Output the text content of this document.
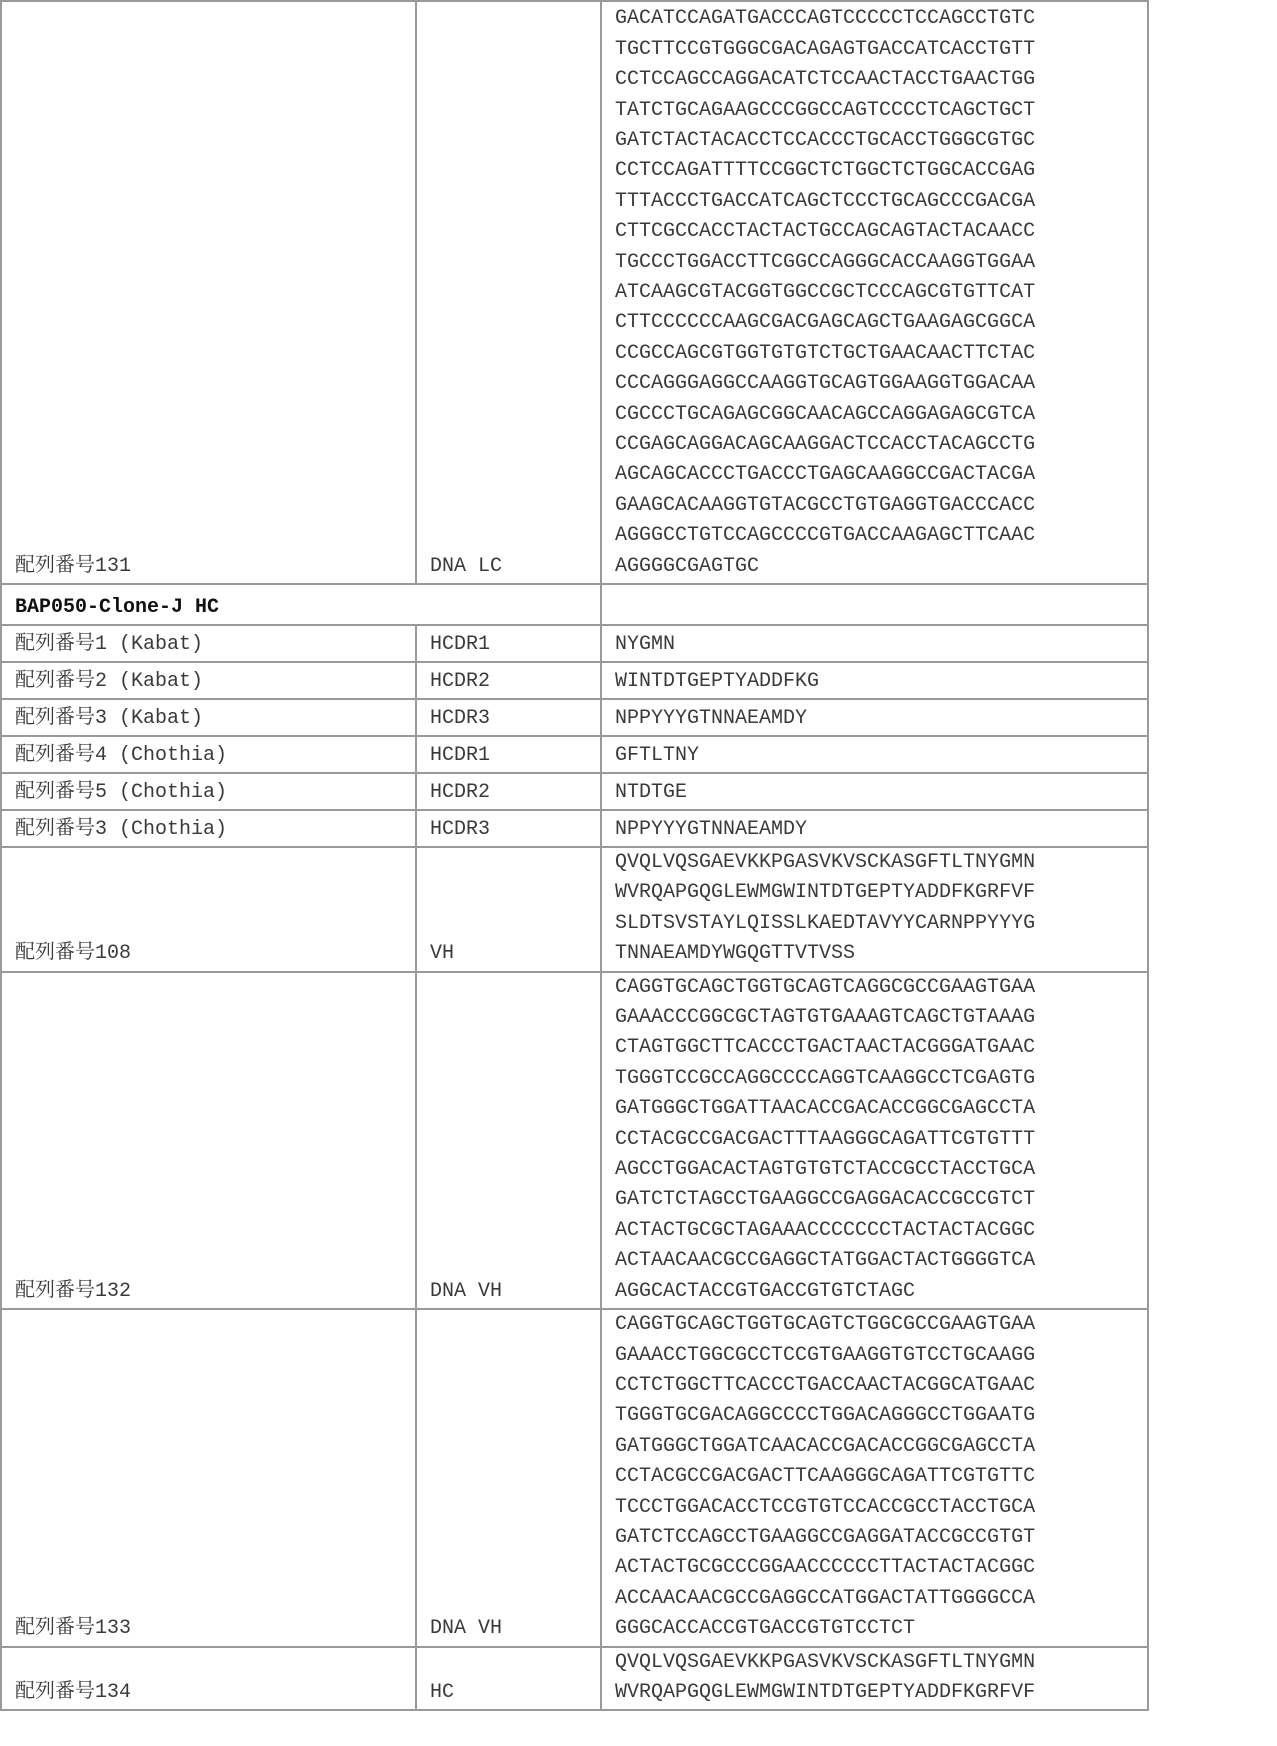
配列番号131	DNA LC	GACATCCAGATGACCCAGTCCCCCTCCAGCCTGTC
TGCTTCCGTGGGCGACAGAGTGACCATCACCTGTT
CCTCCAGCCAGGACATCTCCAACTACCTGAACTGG
TATCTGCAGAAGCCCGGCCAGTCCCCTCAGCTGCT
GATCTACTACACCTCCACCCTGCACCTGGGCGTGC
CCTCCAGATTTTCCGGCTCTGGCTCTGGCACCGAG
TTTACCCTGACCATCAGCTCCCTGCAGCCCGACGA
CTTCGCCACCTACTACTGCCAGCAGTACTACAACC
TGCCCTGGACCTTCGGCCAGGGCACCAAGGTGGAA
ATCAAGCGTACGGTGGCCGCTCCCAGCGTGTTCAT
CTTCCCCCCAAGCGACGAGCAGCTGAAGAGCGGCA
CCGCCAGCGTGGTGTGTCTGCTGAACAACTTCTAC
CCCAGGGAGGCCAAGGTGCAGTGGAAGGTGGACAA
CGCCCTGCAGAGCGGCAACAGCCAGGAGAGCGTCA
CCGAGCAGGACAGCAAGGACTCCACCTACAGCCTG
AGCAGCACCCTGACCCTGAGCAAGGCCGACTACGA
GAAGCACAAGGTGTACGCCTGTGAGGTGACCCACC
AGGGCCTGTCCAGCCCCGTGACCAAGAGCTTCAAC
AGGGGCGAGTGC
BAP050-Clone-J HC		
配列番号1 (Kabat)	HCDR1	NYGMN
配列番号2 (Kabat)	HCDR2	WINTDTGEPTYADDFKG
配列番号3 (Kabat)	HCDR3	NPPYYYGTNNAEAMDY
配列番号4 (Chothia)	HCDR1	GFTLTNY
配列番号5 (Chothia)	HCDR2	NTDTGE
配列番号3 (Chothia)	HCDR3	NPPYYYGTNNAEAMDY
配列番号108	VH	QVQLVQSGAEVKKPGASVKVSCKASGFTLTNYGMN
WVRQAPGQGLEWMGWINTDTGEPTYADDFKGRFVF
SLDTSVSTAYLQISSLKAEDTAVYYCARNPPYYYG
TNNAEAMDYWGQGTTVTVSS
配列番号132	DNA VH	CAGGTGCAGCTGGTGCAGTCAGGCGCCGAAGTGAA
GAAACCCGGCGCTAGTGTGAAAGTCAGCTGTAAAG
CTAGTGGCTTCACCCTGACTAACTACGGGATGAAC
TGGGTCCGCCAGGCCCCAGGTCAAGGCCTCGAGTG
GATGGGCTGGATTAACACCGACACCGGCGAGCCTA
CCTACGCCGACGACTTTAAGGGCAGATTCGTGTTT
AGCCTGGACACTAGTGTGTCTACCGCCTACCTGCA
GATCTCTAGCCTGAAGGCCGAGGACACCGCCGTCT
ACTACTGCGCTAGAAACCCCCCCTACTACTACGGC
ACTAACAACGCCGAGGCTATGGACTACTGGGGTCA
AGGCACTACCGTGACCGTGTCTAGC
配列番号133	DNA VH	CAGGTGCAGCTGGTGCAGTCTGGCGCCGAAGTGAA
GAAACCTGGCGCCTCCGTGAAGGTGTCCTGCAAGG
CCTCTGGCTTCACCCTGACCAACTACGGCATGAAC
TGGGTGCGACAGGCCCCTGGACAGGGCCTGGAATG
GATGGGCTGGATCAACACCGACACCGGCGAGCCTA
CCTACGCCGACGACTTCAAGGGCAGATTCGTGTTC
TCCCTGGACACCTCCGTGTCCACCGCCTACCTGCA
GATCTCCAGCCTGAAGGCCGAGGATACCGCCGTGT
ACTACTGCGCCCGGAACCCCCCTTACTACTACGGC
ACCAACAACGCCGAGGCCATGGACTATTGGGGCCA
GGGCACCACCGTGACCGTGTCCTCT
配列番号134	HC	QVQLVQSGAEVKKPGASVKVSCKASGFTLTNYGMN
WVRQAPGQGLEWMGWINTDTGEPTYADDFKGRFVF
